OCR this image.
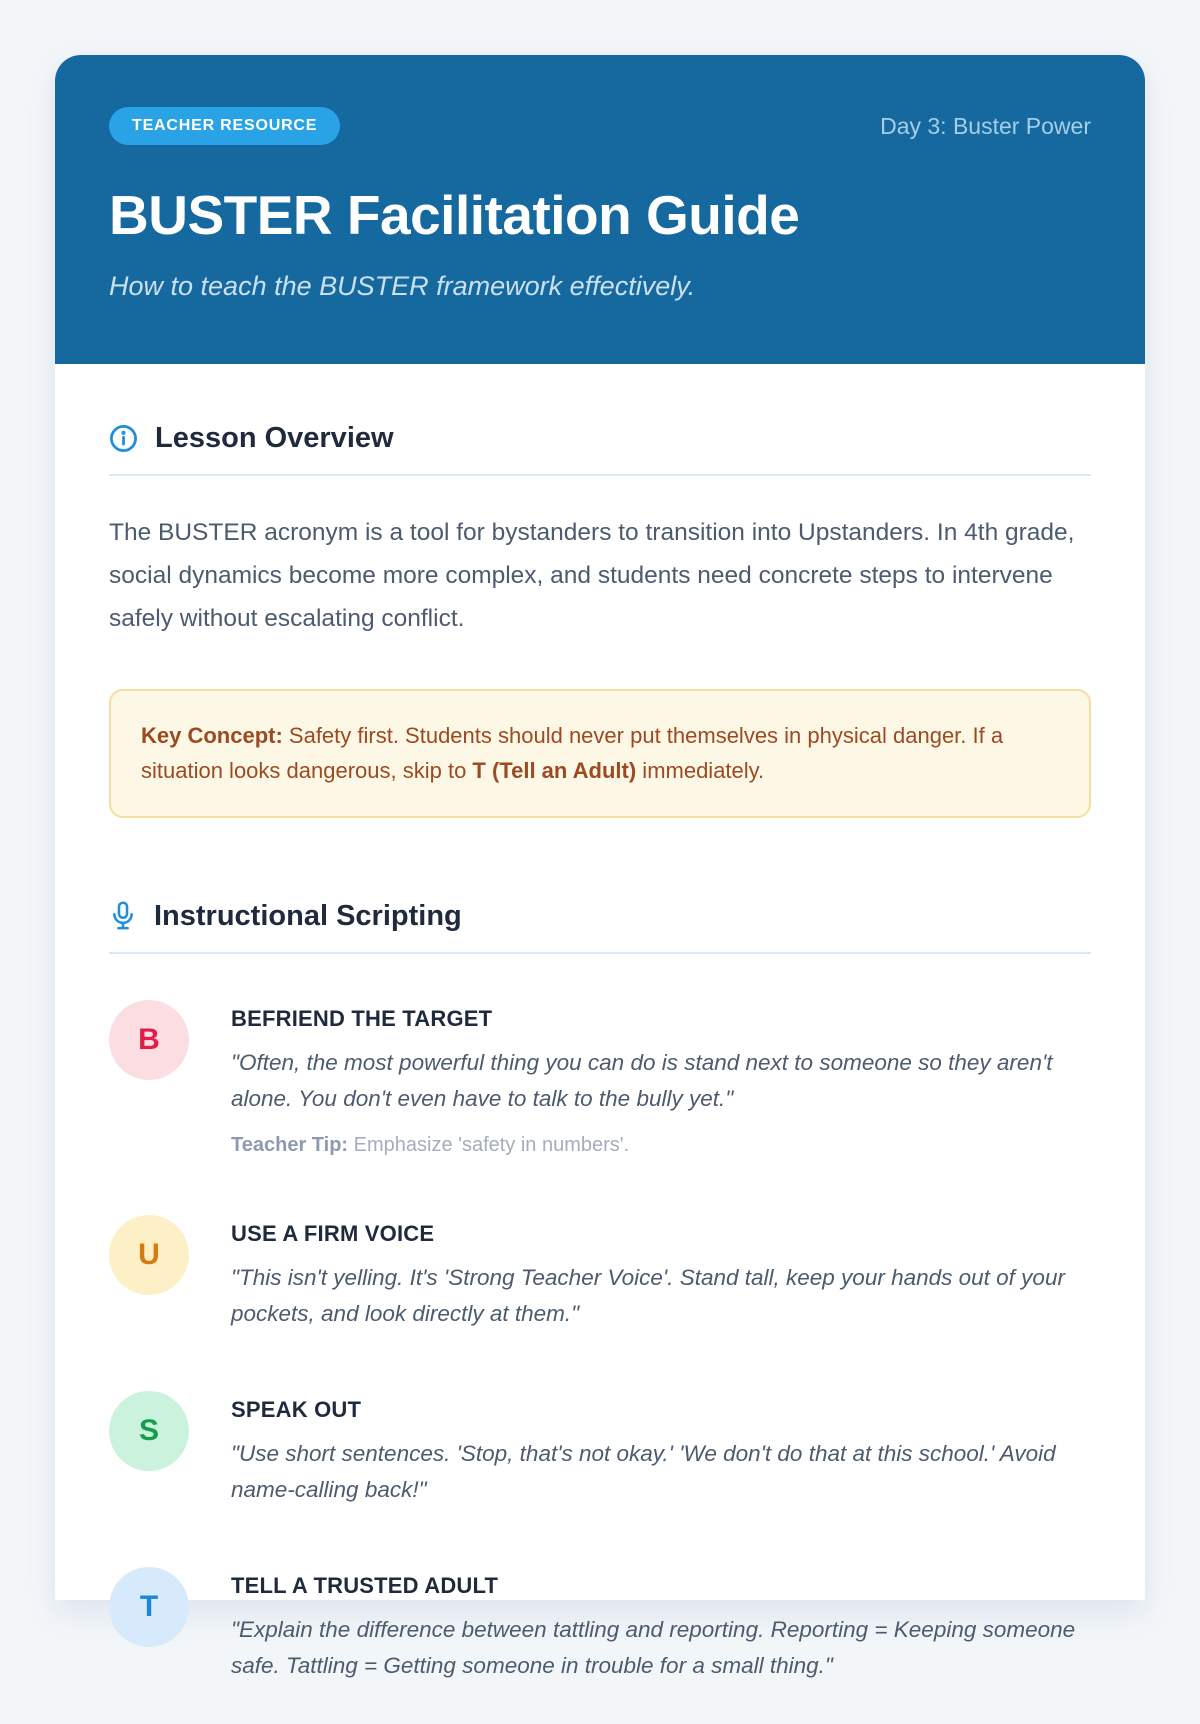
TEACHER RESOURCE	Day 3: Buster Power
BUSTER Facilitation Guide
How to teach the BUSTER framework effectively.
Lesson Overview

The BUSTER acronym is a tool for bystanders to transition into Upstanders. In 4th grade, social dynamics become more complex, and students need concrete steps to intervene safely without escalating conflict.

Key Concept: Safety first. Students should never put themselves in physical danger. If a situation looks dangerous, skip to T (Tell an Adult) immediately.
Instructional Scripting
B
BEFRIEND THE TARGET
"Often, the most powerful thing you can do is stand next to someone so they aren't alone. You don't even have to talk to the bully yet."
Teacher Tip: Emphasize 'safety in numbers'.
U
USE A FIRM VOICE
"This isn't yelling. It's 'Strong Teacher Voice'. Stand tall, keep your hands out of your pockets, and look directly at them."
S
SPEAK OUT
"Use short sentences. 'Stop, that's not okay.' 'We don't do that at this school.' Avoid name-calling back!"
T
TELL A TRUSTED ADULT
"Explain the difference between tattling and reporting. Reporting = Keeping someone safe. Tattling = Getting someone in trouble for a small thing."
